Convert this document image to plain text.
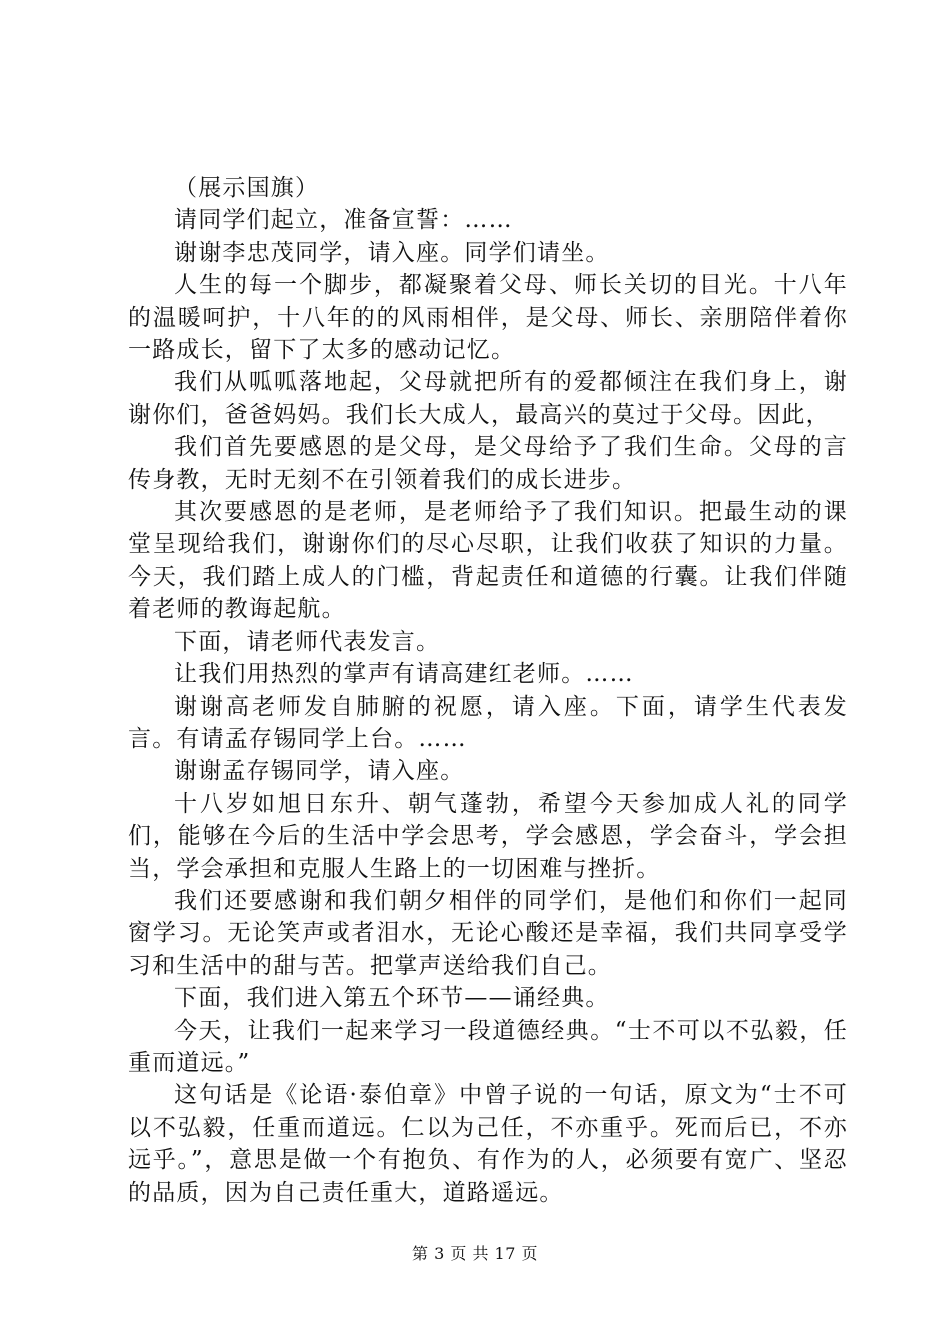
（展示国旗）

请同学们起立，准备宣誓：……

谢谢李忠茂同学，请入座。同学们请坐。

人生的每一个脚步，都凝聚着父母、师长关切的目光。十八年的温暖呵护，十八年的的风雨相伴，是父母、师长、亲朋陪伴着你一路成长，留下了太多的感动记忆。

我们从呱呱落地起，父母就把所有的爱都倾注在我们身上，谢谢你们，爸爸妈妈。我们长大成人，最高兴的莫过于父母。因此，

我们首先要感恩的是父母，是父母给予了我们生命。父母的言传身教，无时无刻不在引领着我们的成长进步。

其次要感恩的是老师，是老师给予了我们知识。把最生动的课堂呈现给我们，谢谢你们的尽心尽职，让我们收获了知识的力量。今天，我们踏上成人的门槛，背起责任和道德的行囊。让我们伴随着老师的教诲起航。

下面，请老师代表发言。

让我们用热烈的掌声有请高建红老师。……

谢谢高老师发自肺腑的祝愿，请入座。下面，请学生代表发言。有请孟存锡同学上台。……

谢谢孟存锡同学，请入座。

十八岁如旭日东升、朝气蓬勃，希望今天参加成人礼的同学们，能够在今后的生活中学会思考，学会感恩，学会奋斗，学会担当，学会承担和克服人生路上的一切困难与挫折。

我们还要感谢和我们朝夕相伴的同学们，是他们和你们一起同窗学习。无论笑声或者泪水，无论心酸还是幸福，我们共同享受学习和生活中的甜与苦。把掌声送给我们自己。

下面，我们进入第五个环节——诵经典。

今天，让我们一起来学习一段道德经典。“士不可以不弘毅，任重而道远。”

这句话是《论语·泰伯章》中曾子说的一句话，原文为“士不可以不弘毅，任重而道远。仁以为己任，不亦重乎。死而后已，不亦远乎。”，意思是做一个有抱负、有作为的人，必须要有宽广、坚忍的品质，因为自己责任重大，道路遥远。

第 3 页 共 17 页
